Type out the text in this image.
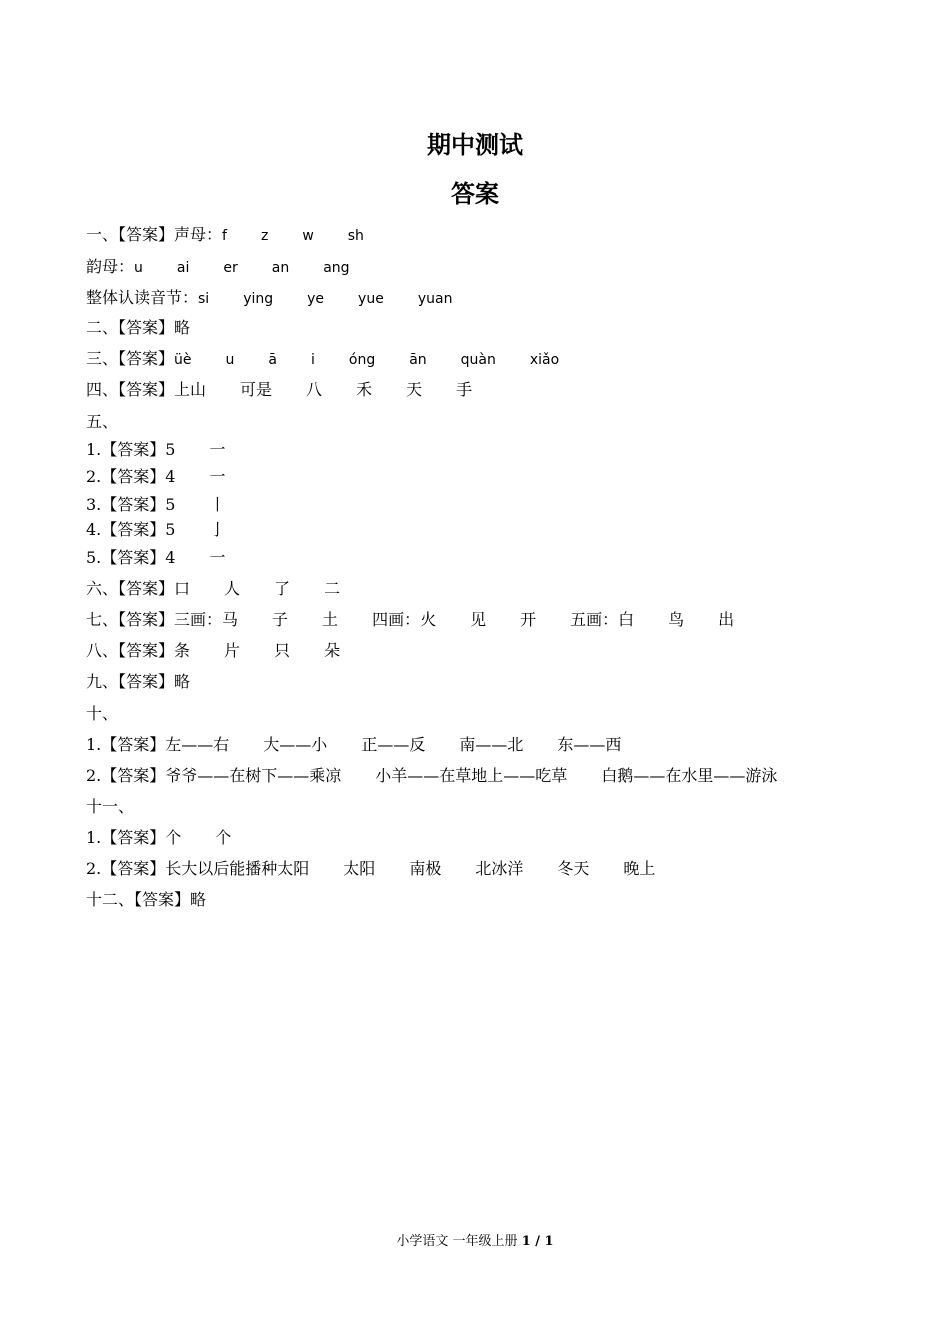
期中测试
答案
一、【答案】声母：f z w sh
韵母：u ai er an ang
整体认读音节：si ying ye yue yuan
二、【答案】略
三、【答案】üè u ā i óng ān quàn xiǎo
四、【答案】上山 可是 八 禾 天 手
五、
1.【答案】5 一
2.【答案】4 一
3.【答案】5 丨
4.【答案】5 亅
5.【答案】4 一
六、【答案】口 人 了 二
七、【答案】三画：马 子 土 四画：火 见 开 五画：白 鸟 出
八、【答案】条 片 只 朵
九、【答案】略
十、
1.【答案】左——右 大——小 正——反 南——北 东——西
2.【答案】爷爷——在树下——乘凉 小羊——在草地上——吃草 白鹅——在水里——游泳
十一、
1.【答案】个 个
2.【答案】长大以后能播种太阳 太阳 南极 北冰洋 冬天 晚上
十二、【答案】略
小学语文 一年级上册 1 / 1
